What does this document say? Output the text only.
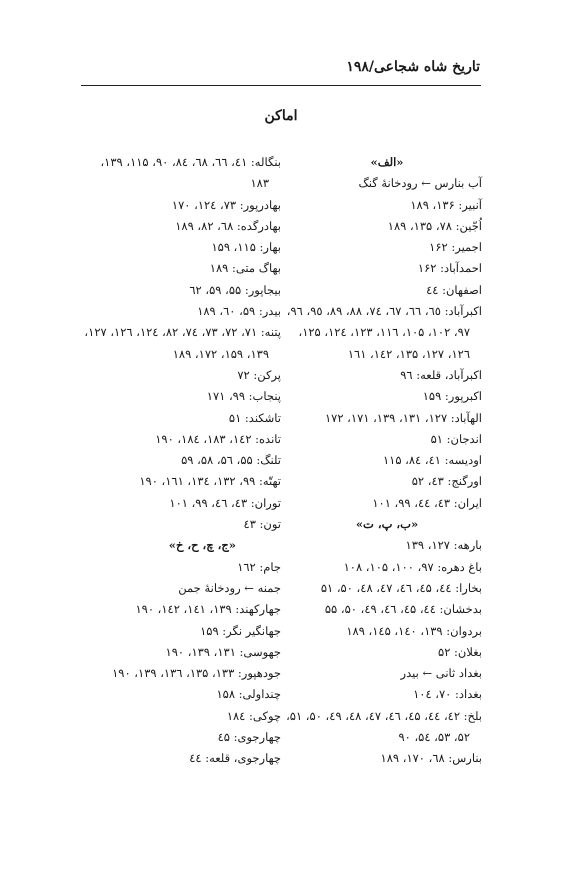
تاریخ شاه شجاعی/۱۹۸
اماکن
«الف»
آب بنارس ← رودخانهٔ گنگ
آنبیر: ۱۳۶، ۱۸۹
اُجّین: ۷۸، ۱۳۵، ۱۸۹
اجمیر: ۱۶۲
احمدآباد: ۱۶۲
اصفهان: ٤٤
اکبرآباد: ٦٥، ٦٦، ٦٧، ٧٤، ٨٨، ٨٩، ٩٥، ٩٦،
۹۷، ۱۰۲، ۱۰۵، ۱۱٦، ۱۲۳، ۱۲٤، ۱۲۵،
۱۲٦، ۱۲۷، ۱۳۵، ۱٤۲، ۱٦۱
اکبرآباد، قلعه: ۹٦
اکبرپور: ۱۵۹
الهآباد: ۱۲۷، ۱۳۱، ۱۳۹، ۱۷۱، ۱۷۲
اندجان: ۵۱
اودیسه: ٤۱، ٨٤، ۱۱۵
اورگنج: ٤۳، ۵۲
ایران: ٤۳، ٤٤، ۹۹، ۱۰۱
«ب، پ، ت»
بارهه: ۱۲۷، ۱۳۹
باغ دهره: ۹۷، ۱۰۰، ۱۰۵، ۱۰۸
بخارا: ٤٤، ٤۵، ٤٦، ٤۷، ٤٨، ۵۰، ۵۱
بدخشان: ٤٤، ٤۵، ٤٦، ٤۹، ۵۰، ۵۵
بردوان: ۱۳۹، ۱٤۰، ۱٤۵، ۱۸۹
بغلان: ۵۲
بغداد ثانی ← بیدر
بغداد: ۷۰، ۱۰٤
بلخ: ٤۲، ٤٤، ٤۵، ٤٦، ٤۷، ٤٨، ٤۹، ۵۰، ۵۱،
۵۲، ۵۳، ۵٤، ۹۰
بنارس: ٦٨، ۱۷۰، ۱۸۹
بنگاله: ٤۱، ٦٦، ٦٨، ٨٤، ۹۰، ۱۱۵، ۱۳۹،
۱۸۳
بهادرپور: ۷۳، ۱۲٤، ۱۷۰
بهادرگده: ٦٨، ٨۲، ۱۸۹
بهار: ۱۱۵، ۱۵۹
بهاگ متی: ۱۸۹
بیجاپور: ۵۵، ۵۹، ٦۲
بیدر: ۵۹، ٦۰، ۱۸۹
پتنه: ۷۱، ۷۲، ۷۳، ۷٤، ٨۲، ۱۲٤، ۱۲٦، ۱۲۷،
۱۳۹، ۱۵۹، ۱۷۲، ۱۸۹
پرکن: ۷۲
پنجاب: ۹۹، ۱۷۱
تاشکند: ۵۱
تانده: ۱٤۲، ۱۸۳، ۱۸٤، ۱۹۰
تلنگ: ۵۵، ۵٦، ۵٨، ۵۹
تهتّه: ۹۹، ۱۳۲، ۱۳٤، ۱٦۱، ۱۹۰
توران: ٤۳، ٤٦، ۹۹، ۱۰۱
تون: ٤۳
«ج، چ، ح، خ»
جام: ۱٦۲
جمنه ← رودخانهٔ جمن
جهارکهند: ۱۳۹، ۱٤۱، ۱٤۲، ۱۹۰
جهانگیر نگر: ۱۵۹
جهوسی: ۱۳۱، ۱۳۹، ۱۹۰
جودهپور: ۱۳۳، ۱۳۵، ۱۳٦، ۱۳۹، ۱۹۰
چنداولی: ۱۵٨
چوکی: ۱٨٤
چهارجوی: ٤۵
چهارجوی، قلعه: ٤٤
